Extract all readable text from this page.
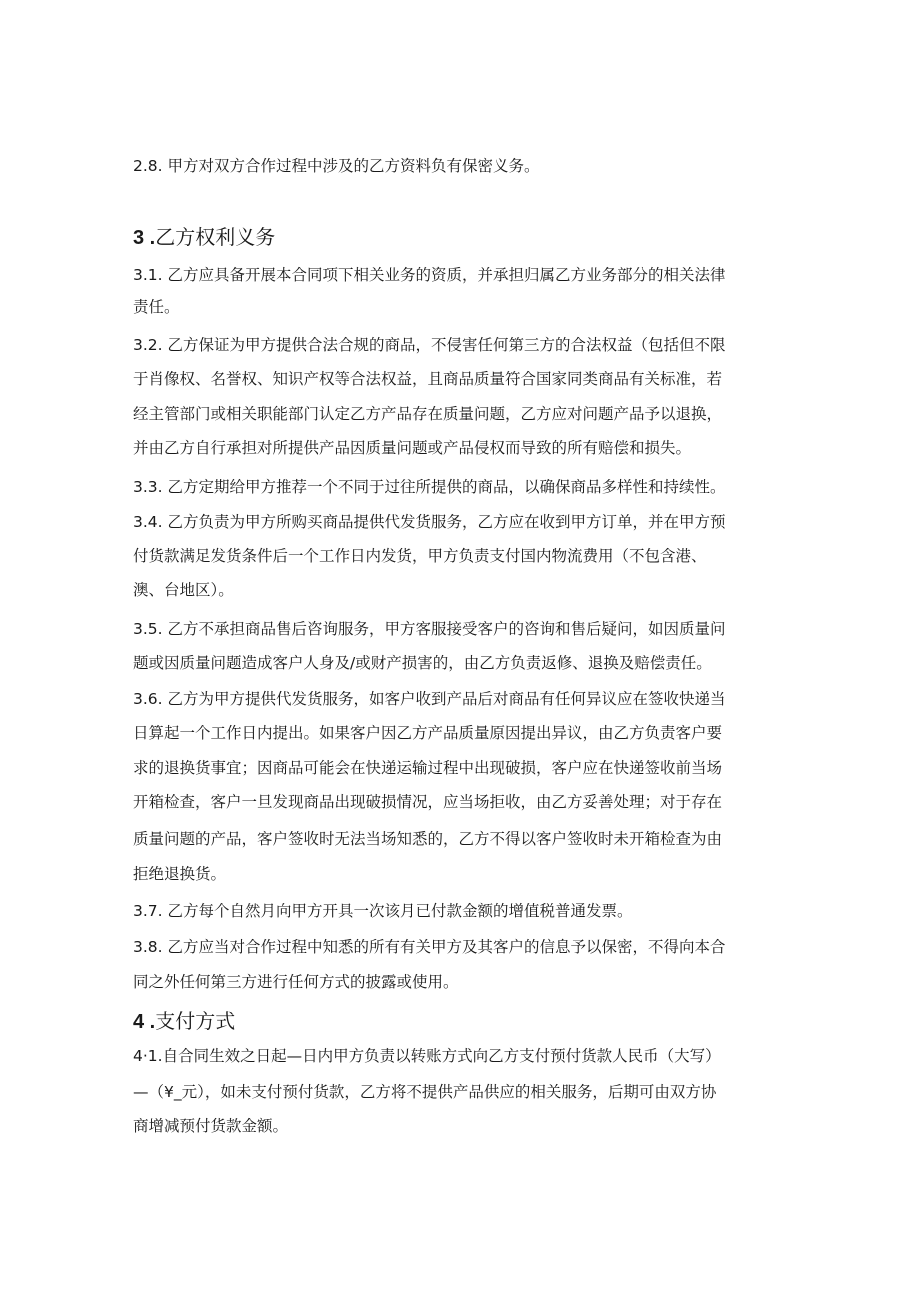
2.8. 甲方对双方合作过程中涉及的乙方资料负有保密义务。
3 .乙方权利义务
3.1. 乙方应具备开展本合同项下相关业务的资质，并承担归属乙方业务部分的相关法律
责任。
3.2. 乙方保证为甲方提供合法合规的商品，不侵害任何第三方的合法权益（包括但不限
于肖像权、名誉权、知识产权等合法权益，且商品质量符合国家同类商品有关标准，若
经主管部门或相关职能部门认定乙方产品存在质量问题，乙方应对问题产品予以退换，
并由乙方自行承担对所提供产品因质量问题或产品侵权而导致的所有赔偿和损失。
3.3. 乙方定期给甲方推荐一个不同于过往所提供的商品，以确保商品多样性和持续性。
3.4. 乙方负责为甲方所购买商品提供代发货服务，乙方应在收到甲方订单，并在甲方预
付货款满足发货条件后一个工作日内发货，甲方负责支付国内物流费用（不包含港、
澳、台地区）。
3.5. 乙方不承担商品售后咨询服务，甲方客服接受客户的咨询和售后疑问，如因质量问
题或因质量问题造成客户人身及/或财产损害的，由乙方负责返修、退换及赔偿责任。
3.6. 乙方为甲方提供代发货服务，如客户收到产品后对商品有任何异议应在签收快递当
日算起一个工作日内提出。如果客户因乙方产品质量原因提出异议，由乙方负责客户要
求的退换货事宜；因商品可能会在快递运输过程中出现破损，客户应在快递签收前当场
开箱检查，客户一旦发现商品出现破损情况，应当场拒收，由乙方妥善处理；对于存在
质量问题的产品，客户签收时无法当场知悉的，乙方不得以客户签收时未开箱检查为由
拒绝退换货。
3.7. 乙方每个自然月向甲方开具一次该月已付款金额的增值税普通发票。
3.8. 乙方应当对合作过程中知悉的所有有关甲方及其客户的信息予以保密，不得向本合
同之外任何第三方进行任何方式的披露或使用。
4 .支付方式
4·1.自合同生效之日起—日内甲方负责以转账方式向乙方支付预付货款人民币（大写）
—（¥_元），如未支付预付货款，乙方将不提供产品供应的相关服务，后期可由双方协
商增减预付货款金额。
